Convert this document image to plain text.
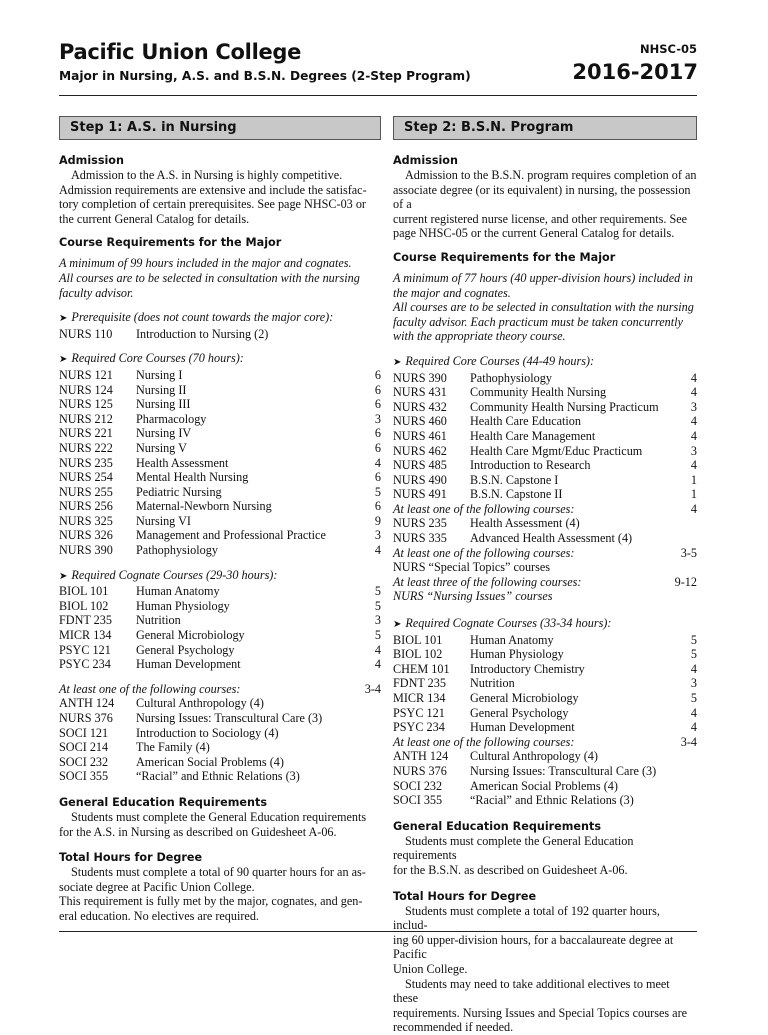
Pacific Union College
Major in Nursing, A.S. and B.S.N. Degrees (2-Step Program)
NHSC-05
2016-2017
Step 1: A.S. in Nursing
Admission
Admission to the A.S. in Nursing is highly competitive.
Admission requirements are extensive and include the satisfac-
tory completion of certain prerequisites. See page NHSC-03 or
the current General Catalog for details.
Course Requirements for the Major
A minimum of 99 hours included in the major and cognates.
All courses are to be selected in consultation with the nursing
faculty advisor.
➤ Prerequisite (does not count towards the major core):
NURS 110	Introduction to Nursing (2)
➤ Required Core Courses (70 hours):
NURS 121	Nursing I	6
NURS 124	Nursing II	6
NURS 125	Nursing III	6
NURS 212	Pharmacology	3
NURS 221	Nursing IV	6
NURS 222	Nursing V	6
NURS 235	Health Assessment	4
NURS 254	Mental Health Nursing	6
NURS 255	Pediatric Nursing	5
NURS 256	Maternal-Newborn Nursing	6
NURS 325	Nursing VI	9
NURS 326	Management and Professional Practice	3
NURS 390	Pathophysiology	4
➤ Required Cognate Courses (29-30 hours):
BIOL 101	Human Anatomy	5
BIOL 102	Human Physiology	5
FDNT 235	Nutrition	3
MICR 134	General Microbiology	5
PSYC 121	General Psychology	4
PSYC 234	Human Development	4
At least one of the following courses:	3-4
ANTH 124	Cultural Anthropology (4)
NURS 376	Nursing Issues: Transcultural Care (3)
SOCI 121	Introduction to Sociology (4)
SOCI 214	The Family (4)
SOCI 232	American Social Problems (4)
SOCI 355	“Racial” and Ethnic Relations (3)
General Education Requirements
Students must complete the General Education requirements
for the A.S. in Nursing as described on Guidesheet A-06.
Total Hours for Degree
Students must complete a total of 90 quarter hours for an as-
sociate degree at Pacific Union College.
This requirement is fully met by the major, cognates, and gen-
eral education. No electives are required.
Step 2: B.S.N. Program
Admission
Admission to the B.S.N. program requires completion of an
associate degree (or its equivalent) in nursing, the possession of a
current registered nurse license, and other requirements. See
page NHSC-05 or the current General Catalog for details.
Course Requirements for the Major
A minimum of 77 hours (40 upper-division hours) included in
the major and cognates.
All courses are to be selected in consultation with the nursing
faculty advisor. Each practicum must be taken concurrently
with the appropriate theory course.
➤ Required Core Courses (44-49 hours):
NURS 390	Pathophysiology	4
NURS 431	Community Health Nursing	4
NURS 432	Community Health Nursing Practicum	3
NURS 460	Health Care Education	4
NURS 461	Health Care Management	4
NURS 462	Health Care Mgmt/Educ Practicum	3
NURS 485	Introduction to Research	4
NURS 490	B.S.N. Capstone I	1
NURS 491	B.S.N. Capstone II	1
At least one of the following courses:	4
NURS 235	Health Assessment (4)
NURS 335	Advanced Health Assessment (4)
At least one of the following courses:	3-5
NURS “Special Topics” courses
At least three of the following courses:	9-12
NURS “Nursing Issues” courses
➤ Required Cognate Courses (33-34 hours):
BIOL 101	Human Anatomy	5
BIOL 102	Human Physiology	5
CHEM 101	Introductory Chemistry	4
FDNT 235	Nutrition	3
MICR 134	General Microbiology	5
PSYC 121	General Psychology	4
PSYC 234	Human Development	4
At least one of the following courses:	3-4
ANTH 124	Cultural Anthropology (4)
NURS 376	Nursing Issues: Transcultural Care (3)
SOCI 232	American Social Problems (4)
SOCI 355	“Racial” and Ethnic Relations (3)
General Education Requirements
Students must complete the General Education requirements
for the B.S.N. as described on Guidesheet A-06.
Total Hours for Degree
Students must complete a total of 192 quarter hours, includ-
ing 60 upper-division hours, for a baccalaureate degree at Pacific
Union College.
Students may need to take additional electives to meet these
requirements. Nursing Issues and Special Topics courses are
recommended if needed.
